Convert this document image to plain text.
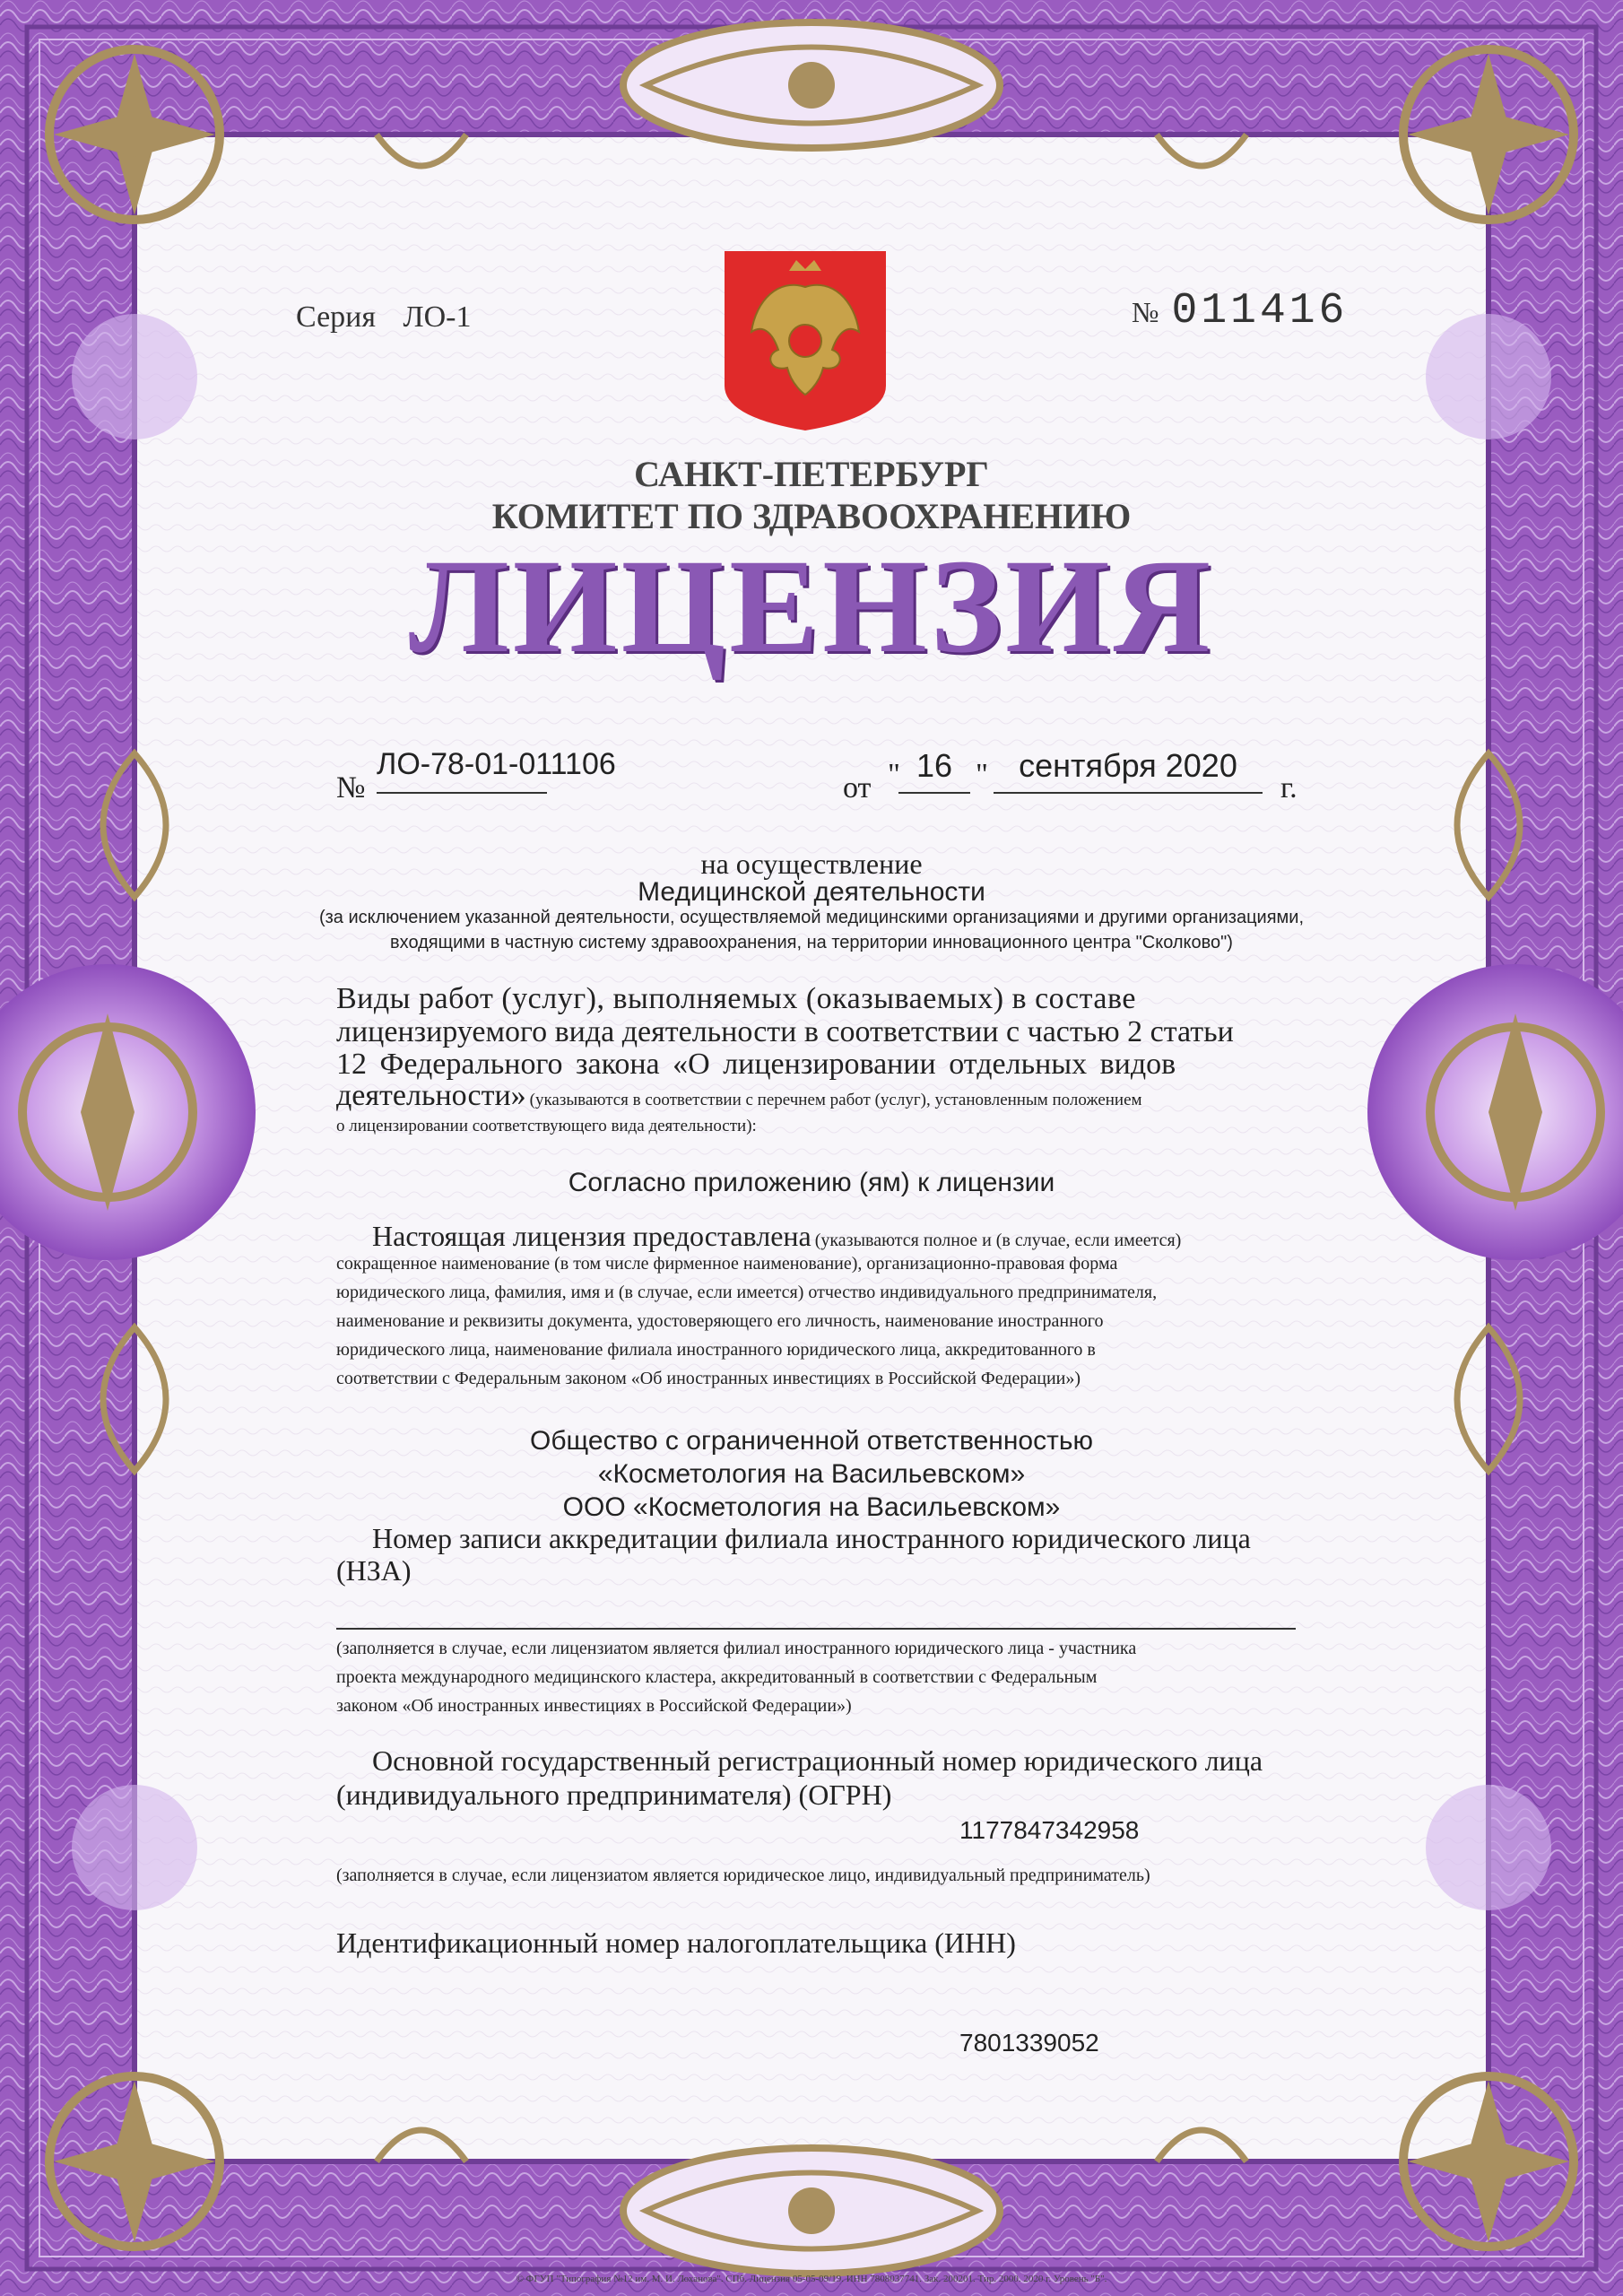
Серия ЛО-1	№ 011416
САНКТ-ПЕТЕРБУРГ
КОМИТЕТ ПО ЗДРАВООХРАНЕНИЮ
ЛИЦЕНЗИЯ
№
ЛО-78-01-011106
от " 16 " сентября 2020
г.
на осуществление
Медицинской деятельности
(за исключением указанной деятельности, осуществляемой медицинскими организациями и другими организациями,
входящими в частную систему здравоохранения, на территории инновационного центра "Сколково")
Виды работ (услуг), выполняемых (оказываемых) в составе
лицензируемого вида деятельности в соответствии с частью 2 статьи
12 Федерального закона «О лицензировании отдельных видов
деятельности» (указываются в соответствии с перечнем работ (услуг), установленным положением
о лицензировании соответствующего вида деятельности):
Согласно приложению (ям) к лицензии
Настоящая лицензия предоставлена (указываются полное и (в случае, если имеется)
сокращенное наименование (в том числе фирменное наименование), организационно-правовая форма
юридического лица, фамилия, имя и (в случае, если имеется) отчество индивидуального предпринимателя,
наименование и реквизиты документа, удостоверяющего его личность, наименование иностранного
юридического лица, наименование филиала иностранного юридического лица, аккредитованного в
соответствии с Федеральным законом «Об иностранных инвестициях в Российской Федерации»)
Общество с ограниченной ответственностью
«Косметология на Васильевском»
ООО «Косметология на Васильевском»
Номер записи аккредитации филиала иностранного юридического лица
(НЗА)
(заполняется в случае, если лицензиатом является филиал иностранного юридического лица - участника
проекта международного медицинского кластера, аккредитованный в соответствии с Федеральным
законом «Об иностранных инвестициях в Российской Федерации»)
Основной государственный регистрационный номер юридического лица
(индивидуального предпринимателя) (ОГРН)
1177847342958
(заполняется в случае, если лицензиатом является юридическое лицо, индивидуальный предприниматель)
Идентификационный номер налогоплательщика (ИНН)
7801339052
© ФГУП "Типография №12 им. М. И. Лоханова". СПб. Лицензия 05-05-09/19. ИНН 7808037741. Зак. 200201. Тир. 2000. 2020 г. Уровень "Б".
